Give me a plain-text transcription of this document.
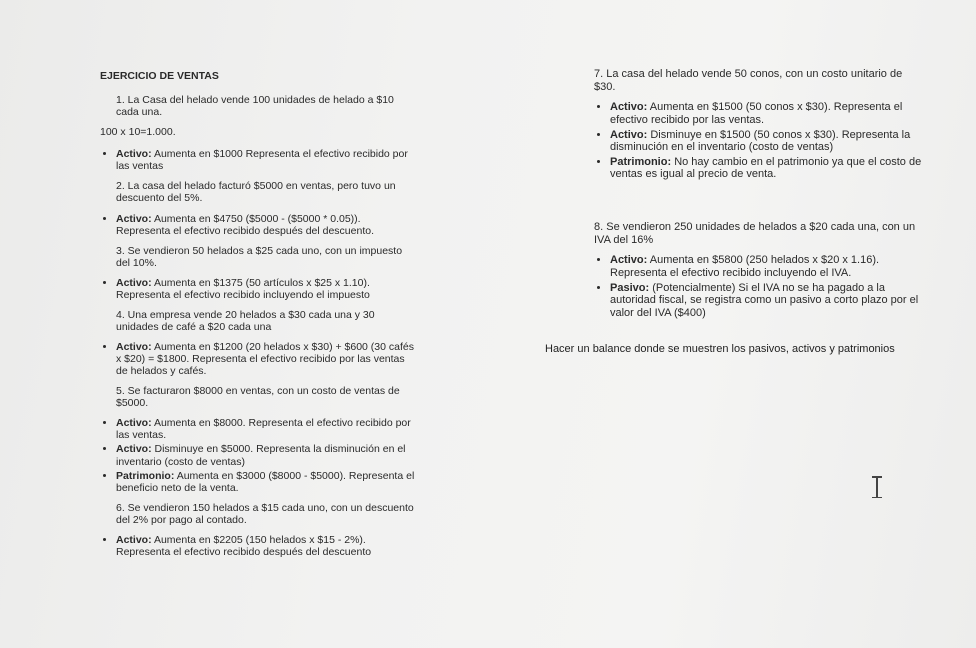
EJERCICIO DE VENTAS
1. La Casa del helado vende 100 unidades de helado a $10 cada una.
100 x 10=1.000.
• Activo: Aumenta en $1000 Representa el efectivo recibido por las ventas
2. La casa del helado facturó $5000 en ventas, pero tuvo un descuento del 5%.
• Activo: Aumenta en $4750 ($5000 - ($5000 * 0.05)). Representa el efectivo recibido después del descuento.
3. Se vendieron 50 helados a $25 cada uno, con un impuesto del 10%.
• Activo: Aumenta en $1375 (50 artículos x $25 x 1.10). Representa el efectivo recibido incluyendo el impuesto
4. Una empresa vende 20 helados a $30 cada una y 30 unidades de café a $20 cada una
• Activo: Aumenta en $1200 (20 helados x $30) + $600 (30 cafés x $20) = $1800. Representa el efectivo recibido por las ventas de helados y cafés.
5. Se facturaron $8000 en ventas, con un costo de ventas de $5000.
• Activo: Aumenta en $8000. Representa el efectivo recibido por las ventas.
• Activo: Disminuye en $5000. Representa la disminución en el inventario (costo de ventas)
• Patrimonio: Aumenta en $3000 ($8000 - $5000). Representa el beneficio neto de la venta.
6. Se vendieron 150 helados a $15 cada uno, con un descuento del 2% por pago al contado.
• Activo: Aumenta en $2205 (150 helados x $15 - 2%). Representa el efectivo recibido después del descuento
7. La casa del helado vende 50 conos, con un costo unitario de $30.
• Activo: Aumenta en $1500 (50 conos x $30). Representa el efectivo recibido por las ventas.
• Activo: Disminuye en $1500 (50 conos x $30). Representa la disminución en el inventario (costo de ventas)
• Patrimonio: No hay cambio en el patrimonio ya que el costo de ventas es igual al precio de venta.
8. Se vendieron 250 unidades de helados a $20 cada una, con un IVA del 16%
• Activo: Aumenta en $5800 (250 helados x $20 x 1.16). Representa el efectivo recibido incluyendo el IVA.
• Pasivo: (Potencialmente) Si el IVA no se ha pagado a la autoridad fiscal, se registra como un pasivo a corto plazo por el valor del IVA ($400)
Hacer un balance donde se muestren los pasivos, activos y patrimonios
